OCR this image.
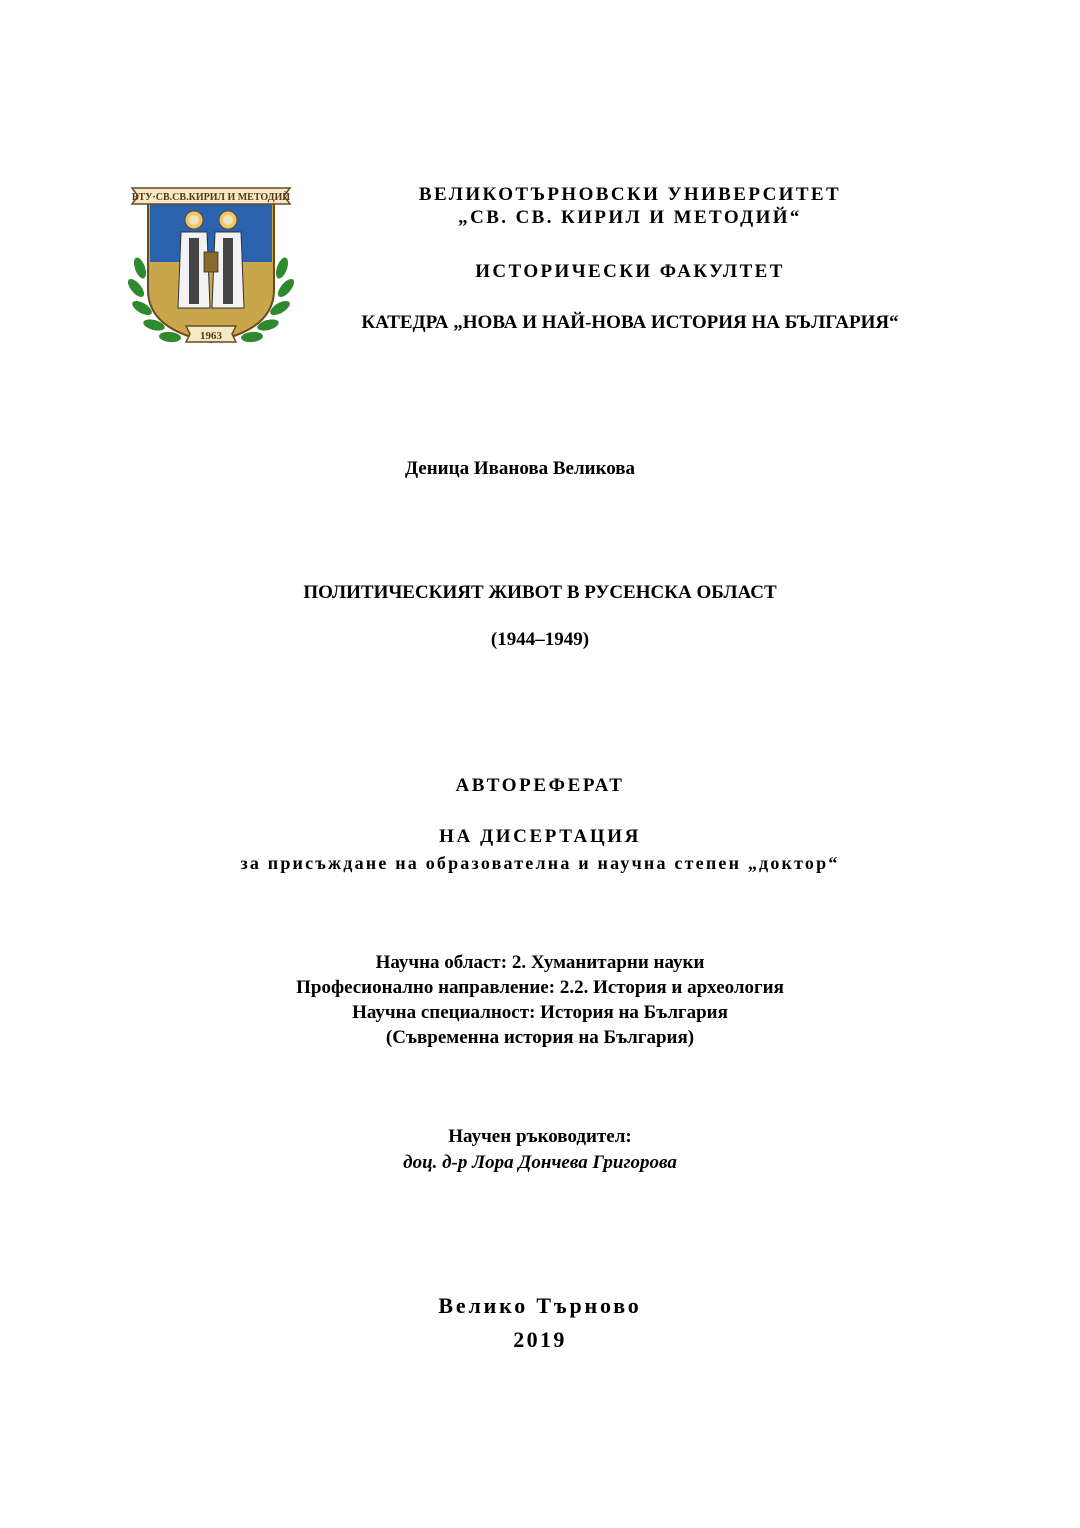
ВТУ·СВ.СВ.КИРИЛ И МЕТОДИЙ
1963
ВЕЛИКОТЪРНОВСКИ УНИВЕРСИТЕТ
„СВ. СВ. КИРИЛ И МЕТОДИЙ“
ИСТОРИЧЕСКИ ФАКУЛТЕТ
КАТЕДРА „НОВА И НАЙ-НОВА ИСТОРИЯ НА БЪЛГАРИЯ“
Деница Иванова Великова
ПОЛИТИЧЕСКИЯТ ЖИВОТ В РУСЕНСКА ОБЛАСТ
(1944–1949)
АВТОРЕФЕРАТ
НА ДИСЕРТАЦИЯ
за присъждане на образователна и научна степен „доктор“
Научна област: 2. Хуманитарни науки
Професионално направление: 2.2. История и археология
Научна специалност: История на България
(Съвременна история на България)
Научен ръководител:
доц. д-р Лора Дончева Григорова
Велико Търново
2019
